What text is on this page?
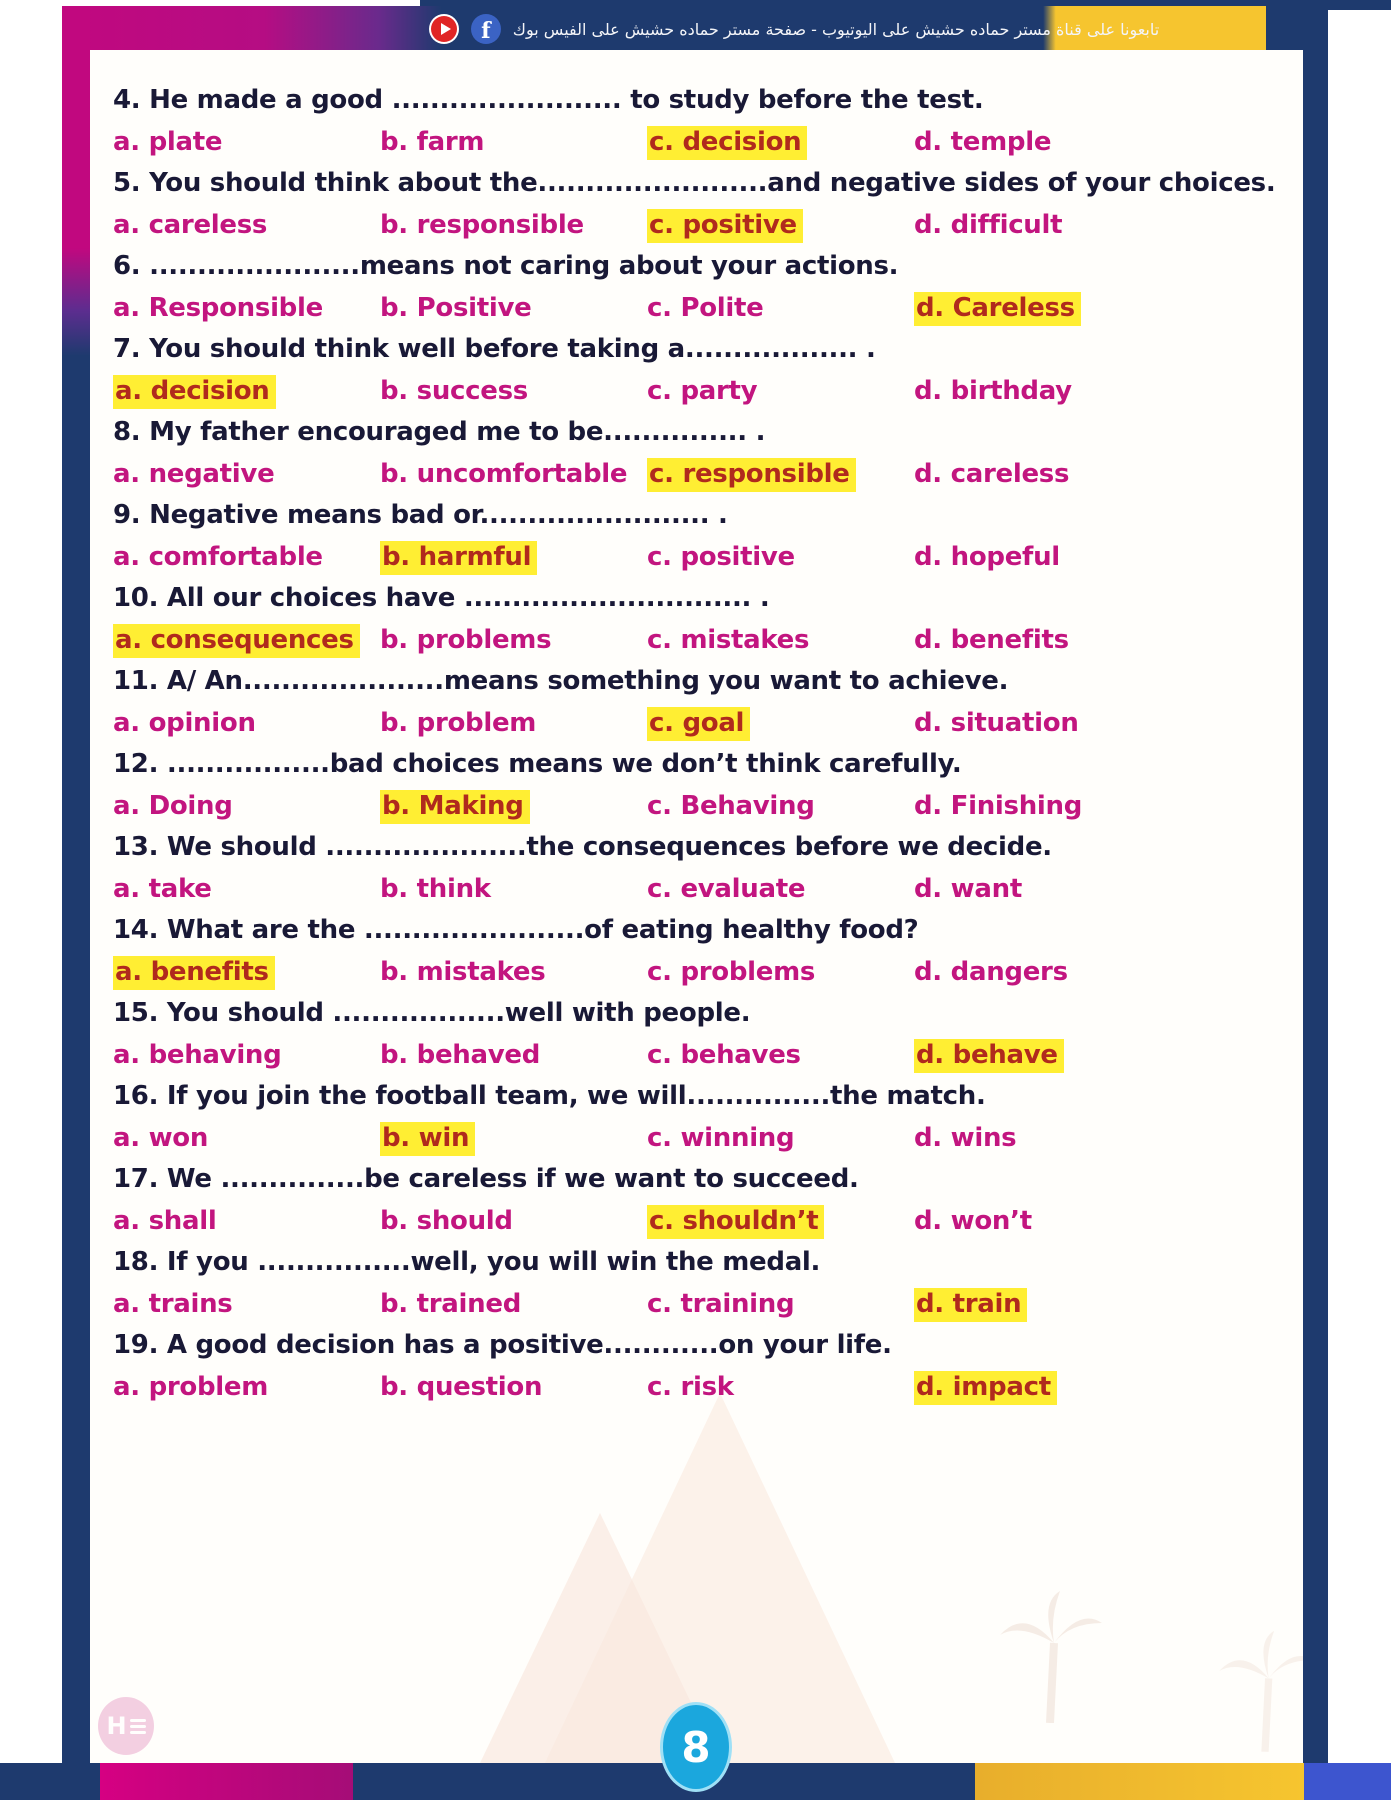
f	تابعونا على قناة مستر حماده حشيش على اليوتيوب - صفحة مستر حماده حشيش على الفيس بوك
4. He made a good ........................ to study before the test.
a. plate	b. farm	c. decision	d. temple
5. You should think about the........................and negative sides of your choices.
a. careless	b. responsible	c. positive	d. difficult
6. ......................means not caring about your actions.
a. Responsible b. Positive	c. Polite	d. Careless
7. You should think well before taking a.................. .
a. decision	b. success	c. party	d. birthday
8. My father encouraged me to be............... .
a. negative	b. uncomfortable c. responsible d. careless
9. Negative means bad or........................ .
a. comfortable b. harmful	c. positive	d. hopeful
10. All our choices have .............................. .
a. consequences b. problems	c. mistakes	d. benefits
11. A/ An.....................means something you want to achieve.
a. opinion	b. problem	c. goal	d. situation
12. .................bad choices means we don’t think carefully.
a. Doing	b. Making	c. Behaving	d. Finishing
13. We should .....................the consequences before we decide.
a. take	b. think	c. evaluate	d. want
14. What are the .......................of eating healthy food?
a. benefits	b. mistakes	c. problems	d. dangers
15. You should ..................well with people.
a. behaving	b. behaved	c. behaves	d. behave
16. If you join the football team, we will...............the match.
a. won	b. win	c. winning	d. wins
17. We ...............be careless if we want to succeed.
a. shall	b. should	c. shouldn’t	d. won’t
18. If you ................well, you will win the medal.
a. trains	b. trained	c. training	d. train
19. A good decision has a positive............on your life.
a. problem	b. question	c. risk	d. impact
H	8
